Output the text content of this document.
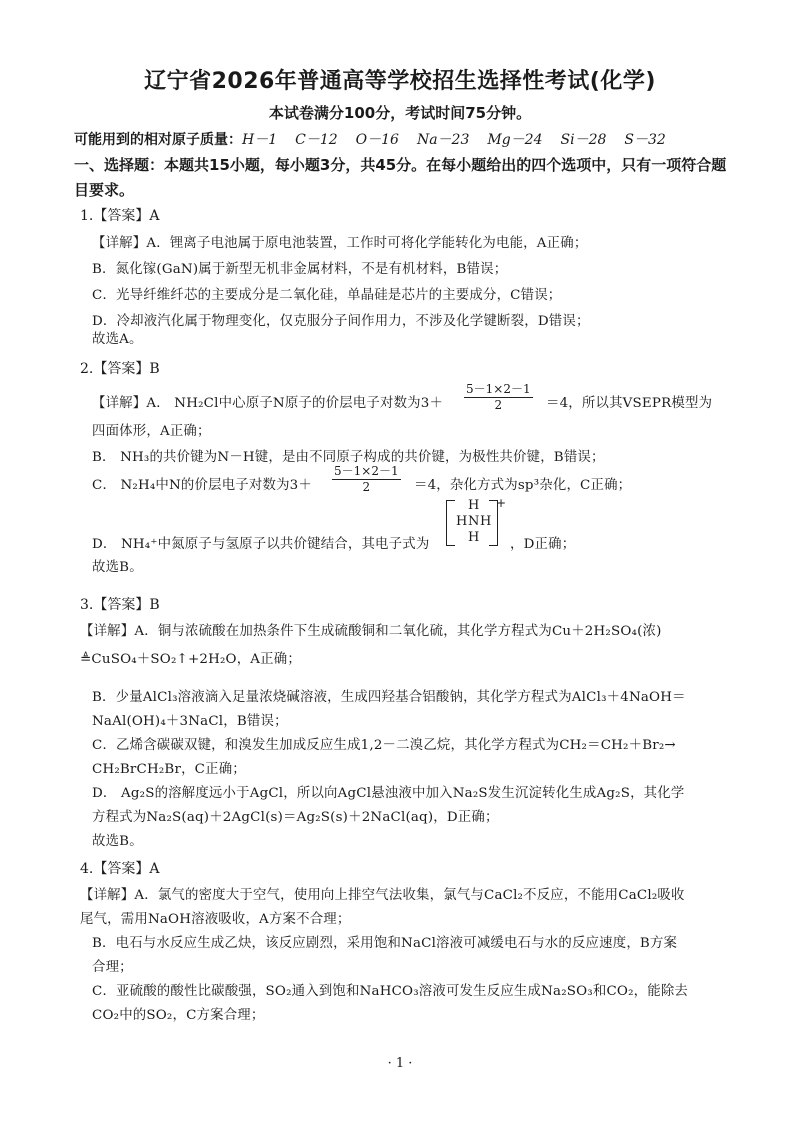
辽宁省2026年普通高等学校招生选择性考试(化学)
本试卷满分100分，考试时间75分钟。
可能用到的相对原子质量：H－1 C－12 O－16 Na－23 Mg－24 Si－28 S－32
一、选择题：本题共15小题，每小题3分，共45分。在每小题给出的四个选项中，只有一项符合题目要求。
1.【答案】A
【详解】A．锂离子电池属于原电池装置，工作时可将化学能转化为电能，A正确；
B．氮化镓(GaN)属于新型无机非金属材料，不是有机材料，B错误；
C．光导纤维纤芯的主要成分是二氧化硅，单晶硅是芯片的主要成分，C错误；
D．冷却液汽化属于物理变化，仅克服分子间作用力，不涉及化学键断裂，D错误；
故选A。
2.【答案】B
【详解】A． NH₂Cl中心原子N原子的价层电子对数为$3+ \frac{5-1\times 2-1}{2} =4$，所以其VSEPR模型为
四面体形，A正确；
B． NH₃的共价键为N－H键，是由不同原子构成的共价键，为极性共价键，B错误；
C． N₂H₄中N的价层电子对数为$3+ \frac{5-1\times 2-1}{2} =4$，杂化方式为sp³杂化，C正确；
D． NH₄⁺中氮原子与氢原子以共价键结合，其电子式为
H
H N H
H
+
，D正确；
故选B。
3.【答案】B
【详解】A．铜与浓硫酸在加热条件下生成硫酸铜和二氧化硫，其化学方程式为Cu＋2H₂SO₄(浓)
≜CuSO₄＋SO₂↑+2H₂O，A正确；
B．少量AlCl₃溶液滴入足量浓烧碱溶液，生成四羟基合铝酸钠，其化学方程式为AlCl₃＋4NaOH＝
NaAl(OH)₄＋3NaCl，B错误；
C．乙烯含碳碳双键，和溴发生加成反应生成1,2－二溴乙烷，其化学方程式为CH₂＝CH₂＋Br₂→
CH₂BrCH₂Br，C正确；
D． Ag₂S的溶解度远小于AgCl，所以向AgCl悬浊液中加入Na₂S发生沉淀转化生成Ag₂S，其化学
方程式为Na₂S(aq)＋2AgCl(s)＝Ag₂S(s)＋2NaCl(aq)，D正确；
故选B。
4.【答案】A
【详解】A．氯气的密度大于空气，使用向上排空气法收集，氯气与CaCl₂不反应，不能用CaCl₂吸收
尾气，需用NaOH溶液吸收，A方案不合理；
B．电石与水反应生成乙炔，该反应剧烈，采用饱和NaCl溶液可减缓电石与水的反应速度，B方案
合理；
C．亚硫酸的酸性比碳酸强，SO₂通入到饱和NaHCO₃溶液可发生反应生成Na₂SO₃和CO₂，能除去
CO₂中的SO₂，C方案合理；
· 1 ·
